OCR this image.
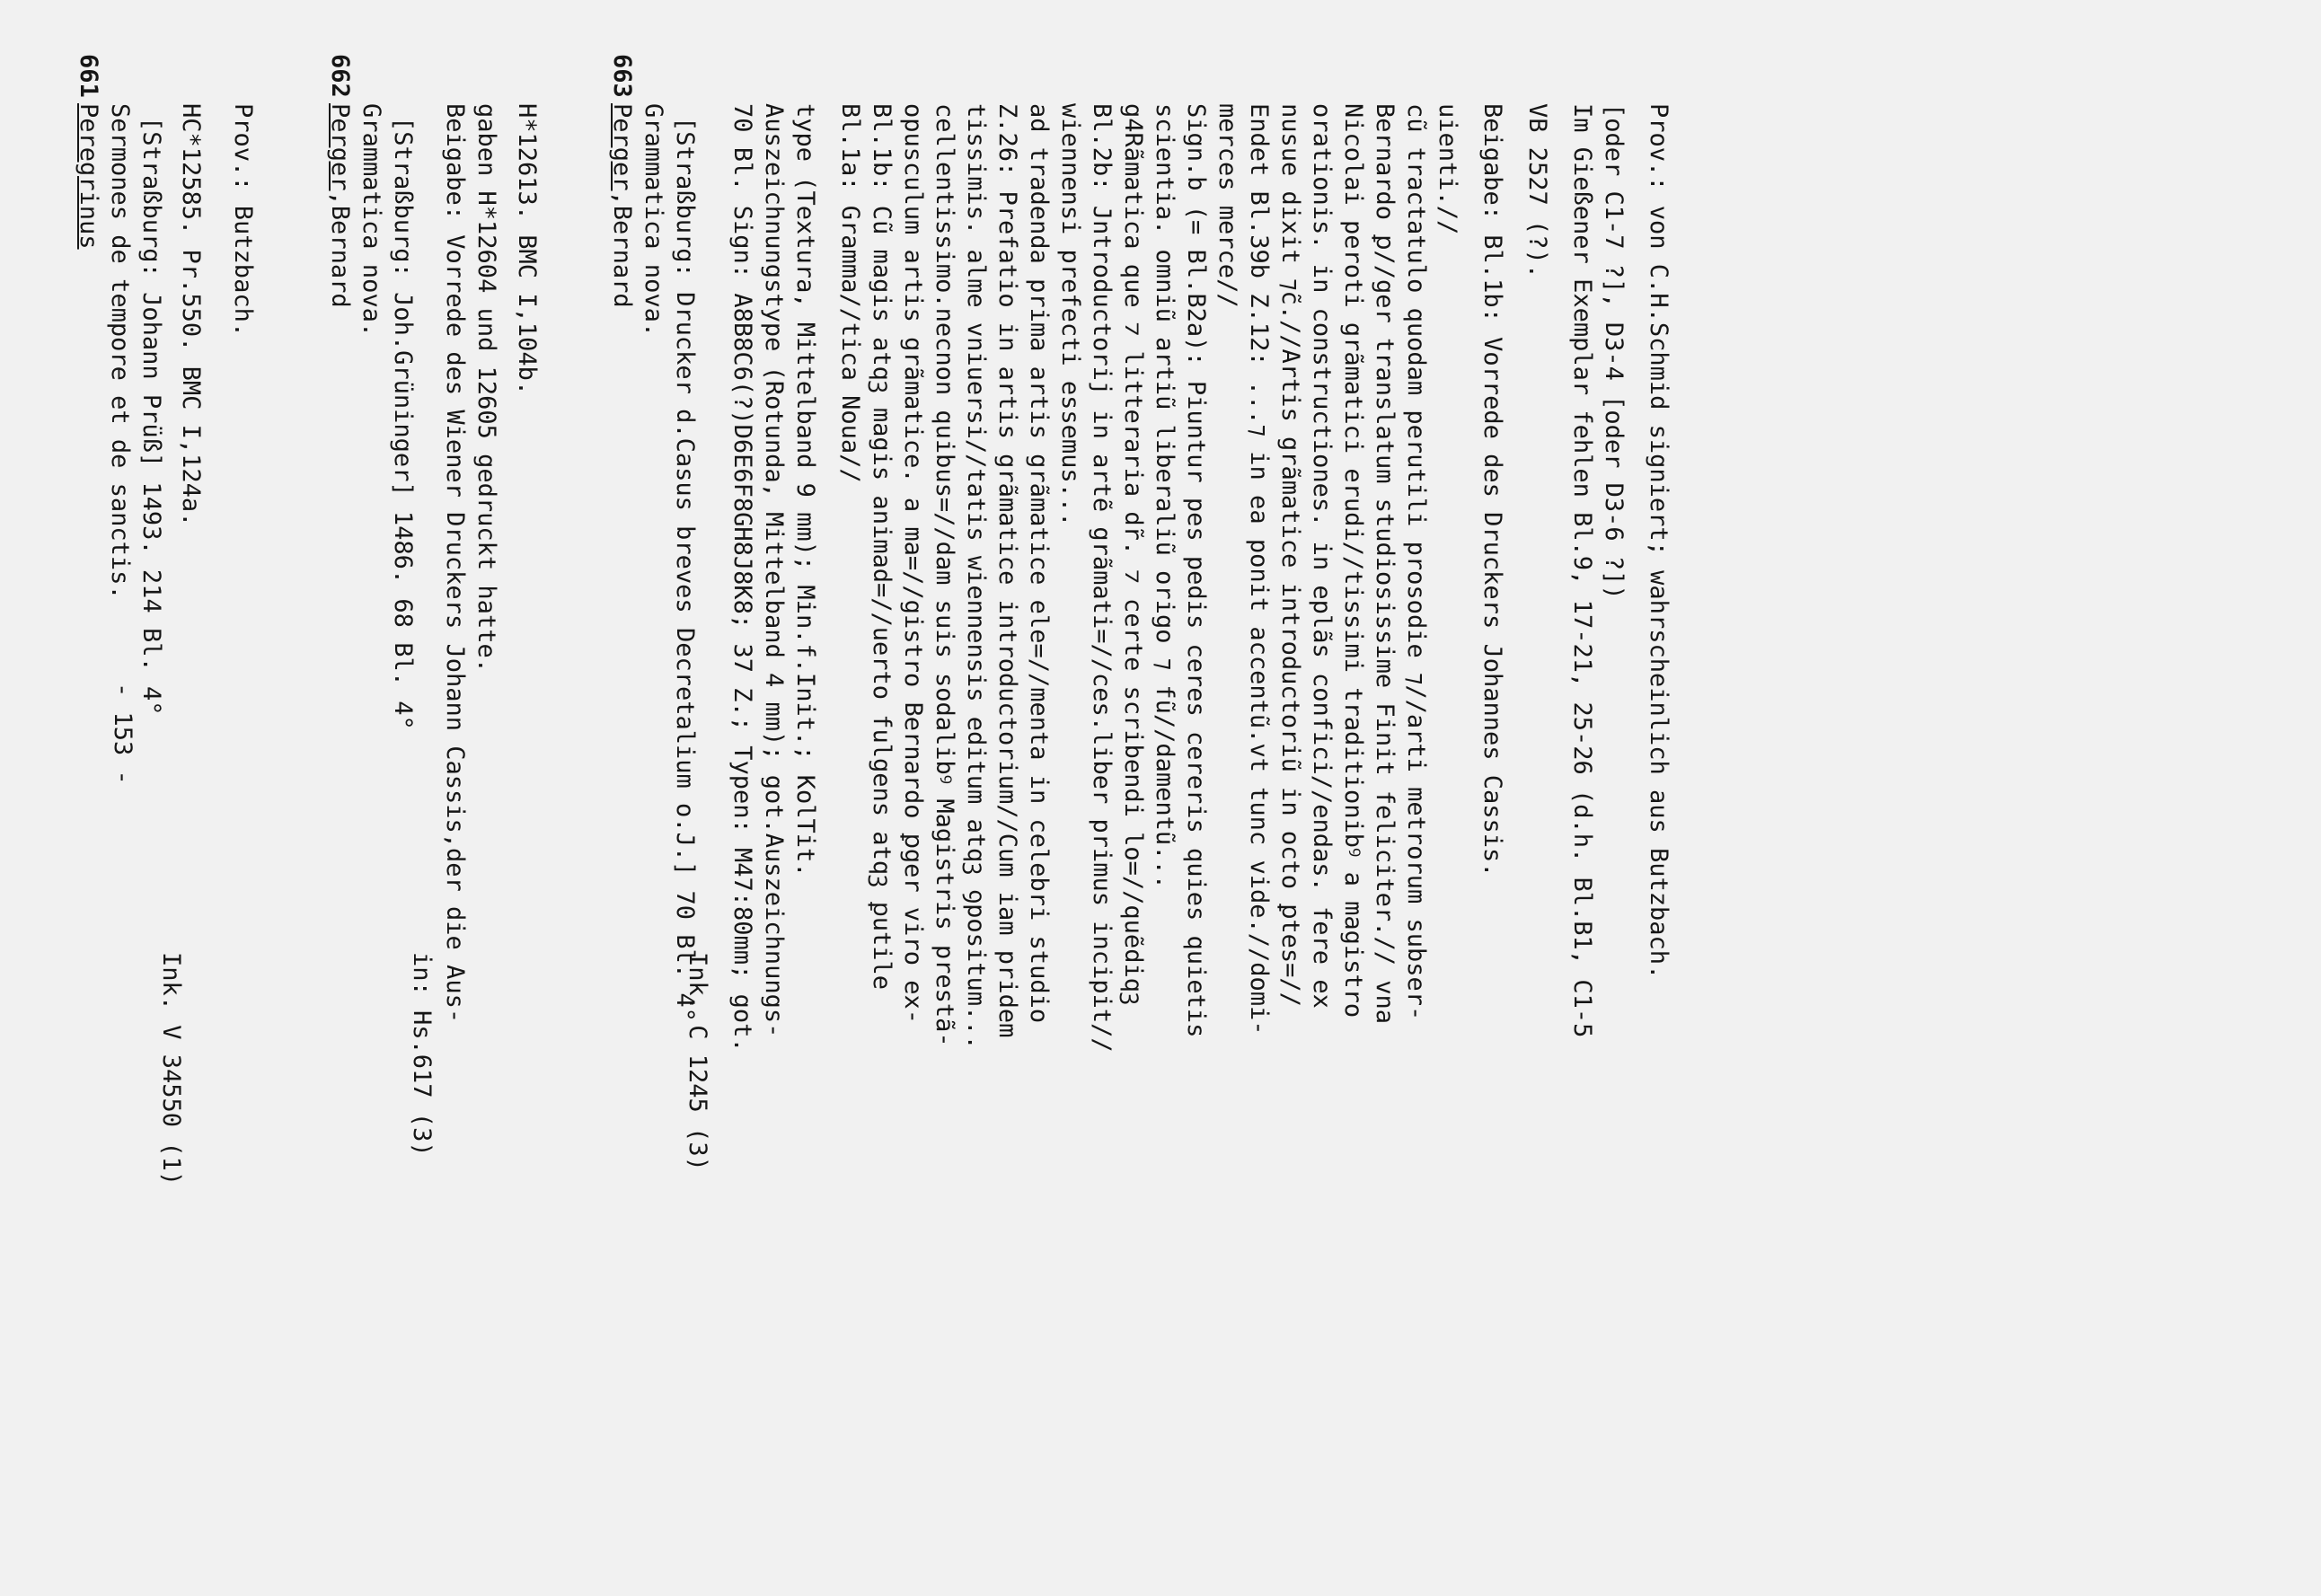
- 153 -
661
Ink. V 34550 (1)
Peregrinus Sermones de tempore et de sanctis. [Straßburg: Johann Prüß] 1493. 214 Bl. 4° HC*12585. Pr.550. BMC I,124a. Prov.: Butzbach.
662
in: Hs.617 (3)
Perger,Bernard Grammatica nova. [Straßburg: Joh.Grüninger] 1486. 68 Bl. 4° Beigabe: Vorrede des Wiener Druckers Johann Cassis,der die Aus- gaben H*12604 und 12605 gedruckt hatte. H*12613. BMC I,104b.
663
Ink. C 1245 (3)
Perger,Bernard Grammatica nova. [Straßburg: Drucker d.Casus breves Decretalium o.J.] 70 Bl. 4° 70 Bl. Sign: A8B8C6(?)D6E6F8GH8J8K8; 37 Z.; Typen: M47:80mm; got. Auszeichnungstype (Rotunda, Mittelband 4 mm); got.Auszeichnungs- type (Textura, Mittelband 9 mm); Min.f.Init.; KolTit. Bl.1a: Gramma//tica Noua// Bl.1b: Cũ magis atqꝫ magis animad=//uerto fulgens atqꝫ ꝑutile opusculum artis grãmatice. a ma=//gistro Bernardo ꝑger viro ex- cellentissimo.necnon quibus=//dam suis sodalibꝰ Magistris prestã- tissimis. alme vniuersi//tatis wiennensis editum atqꝫ ꝯpositum... Z.26: Prefatio in artis grãmatice introductorium//Cum iam pridem ad tradenda prima artis grãmatice ele=//menta in celebri studio wiennensi prefecti essemus... Bl.2b: Jntroductorij in artẽ grãmati=//ces.liber primus incipit// g4Rãmatica que ⁊ litteraria dr̃. ⁊ certe scribendi lo=//quẽdiqꝫ scientia. omniũ artiũ liberaliũ origo ⁊ fũ//damentũ... Sign.b (= Bl.B2a): Piuntur pes pedis ceres cereris quies quietis merces merce// Endet Bl.39b Z.12: ...⁊ in ea ponit accentũ.vt tunc vide.//domi- nusue dixit ⁊c̃.//Artis grãmatice introductoriũ in octo ꝑtes=// orationis. in constructiones. in eplãs confici//endas. fere ex Nicolai peroti grãmatici erudi//tissimi traditionibꝰ a magistro Bernardo ꝑ//ger translatum studiosissime Finit feliciter.// vna cũ tractatulo quodam perutili prosodie ⁊//arti metrorum subser- uienti.// Beigabe: Bl.1b: Vorrede des Druckers Johannes Cassis. VB 2527 (?). Im Gießener Exemplar fehlen Bl.9, 17-21, 25-26 (d.h. Bl.B1, C1-5 [oder C1-7 ?], D3-4 [oder D3-6 ?]) Prov.: von C.H.Schmid signiert; wahrscheinlich aus Butzbach.
